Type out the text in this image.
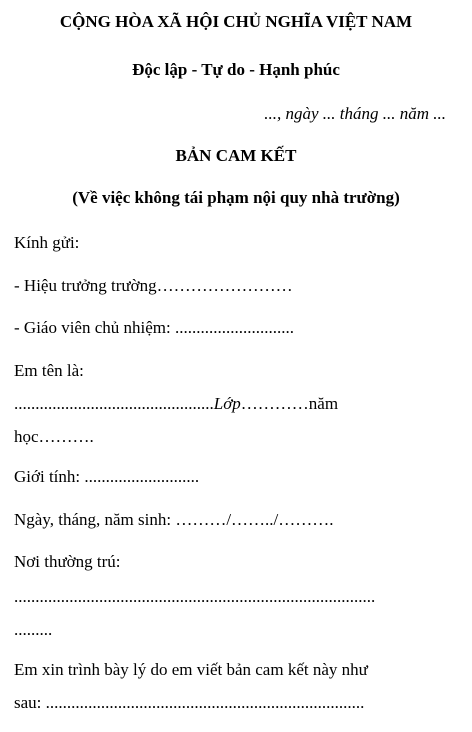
CỘNG HÒA XÃ HỘI CHỦ NGHĨA VIỆT NAM
Độc lập - Tự do - Hạnh phúc
..., ngày ... tháng ... năm ...
BẢN CAM KẾT
(Về việc không tái phạm nội quy nhà trường)
Kính gửi:
- Hiệu trưởng trường……………………
- Giáo viên chủ nhiệm: ............................
Em tên là:
...............................................Lớp…………năm
học……….
Giới tính: ...........................
Ngày, tháng, năm sinh: ………/……../……….
Nơi thường trú:
.....................................................................................
.........
Em xin trình bày lý do em viết bản cam kết này như
sau: ...........................................................................
